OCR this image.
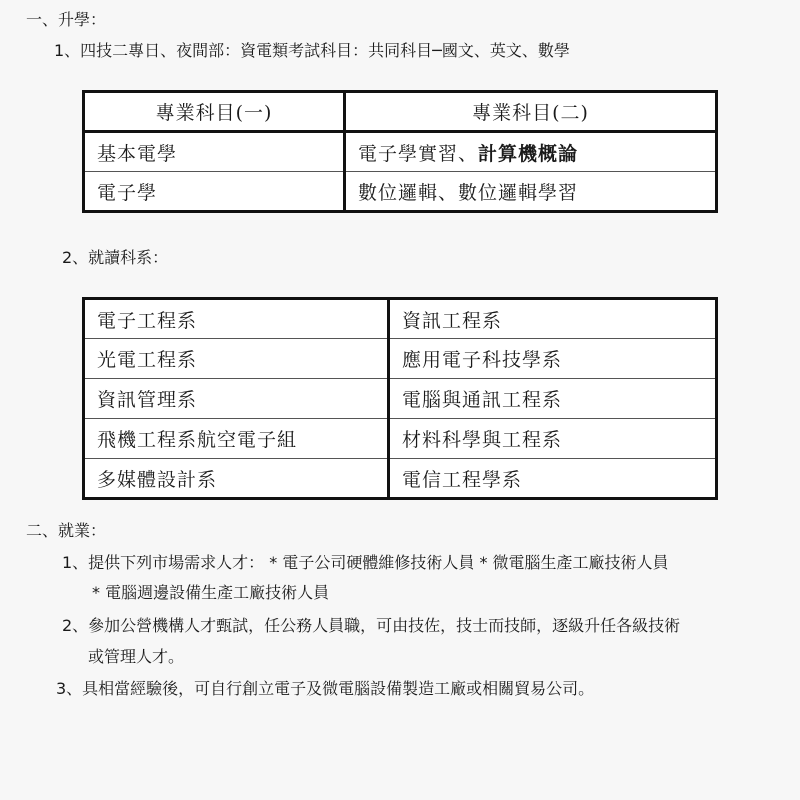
一、升學：
1、四技二專日、夜間部：資電類考試科目：共同科目─國文、英文、數學
專業科目(一)	專業科目(二)
基本電學	電子學實習、計算機概論
電子學	數位邏輯、數位邏輯學習
2、就讀科系：
電子工程系	資訊工程系
光電工程系	應用電子科技學系
資訊管理系	電腦與通訊工程系
飛機工程系航空電子組	材料科學與工程系
多媒體設計系	電信工程學系
二、就業：
1、提供下列市場需求人才： * 電子公司硬體維修技術人員 * 微電腦生產工廠技術人員
* 電腦週邊設備生產工廠技術人員
2、參加公營機構人才甄試，任公務人員職，可由技佐，技士而技師，逐級升任各級技術
或管理人才。
3、具相當經驗後，可自行創立電子及微電腦設備製造工廠或相關貿易公司。
